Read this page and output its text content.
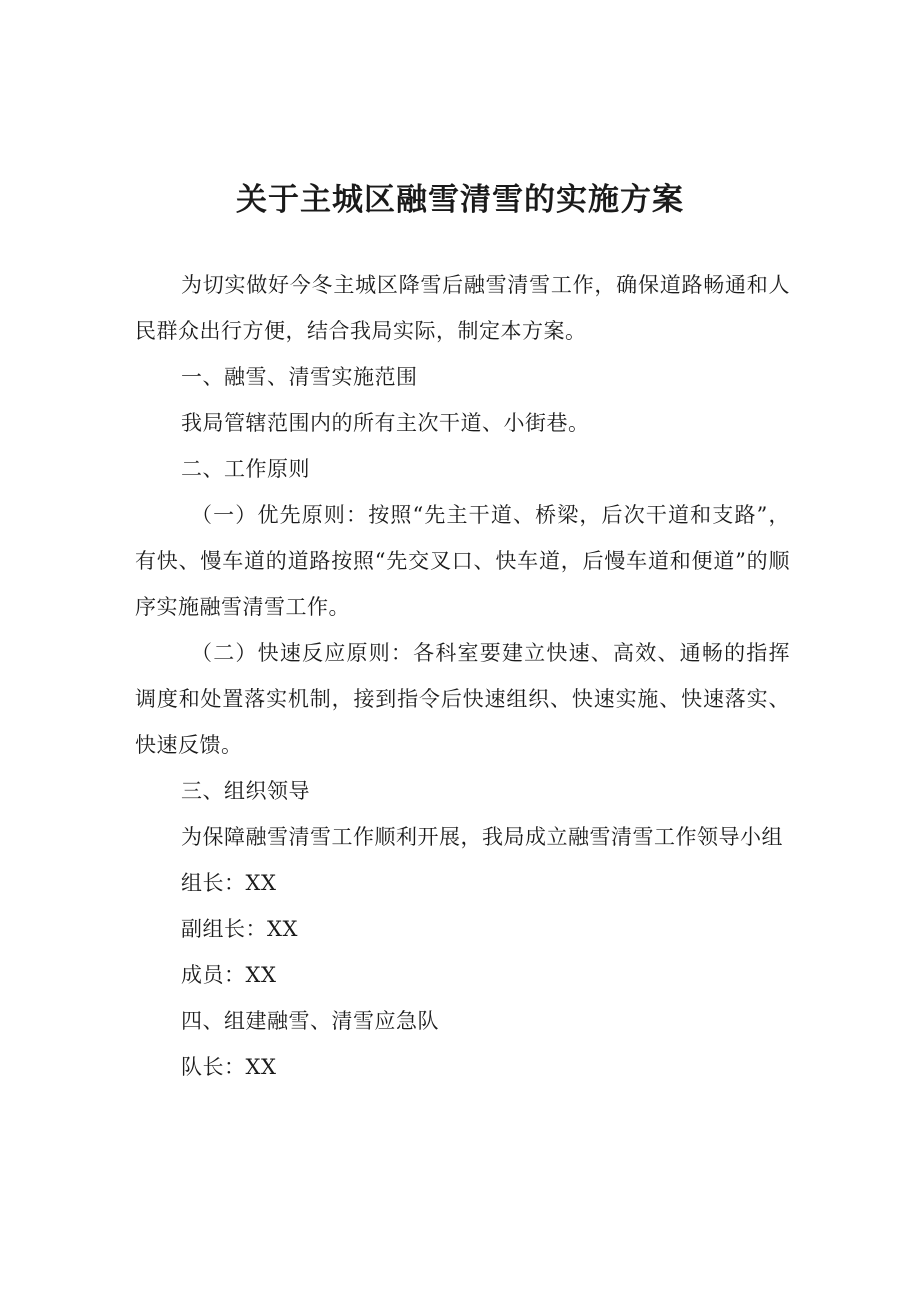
关于主城区融雪清雪的实施方案

为切实做好今冬主城区降雪后融雪清雪工作，确保道路畅通和人民群众出行方便，结合我局实际，制定本方案。

一、融雪、清雪实施范围

我局管辖范围内的所有主次干道、小街巷。

二、工作原则

（一）优先原则：按照“先主干道、桥梁，后次干道和支路”，有快、慢车道的道路按照“先交叉口、快车道，后慢车道和便道”的顺序实施融雪清雪工作。

（二）快速反应原则：各科室要建立快速、高效、通畅的指挥调度和处置落实机制，接到指令后快速组织、快速实施、快速落实、快速反馈。

三、组织领导

为保障融雪清雪工作顺利开展，我局成立融雪清雪工作领导小组

组长：XX

副组长：XX

成员：XX

四、组建融雪、清雪应急队

队长：XX
